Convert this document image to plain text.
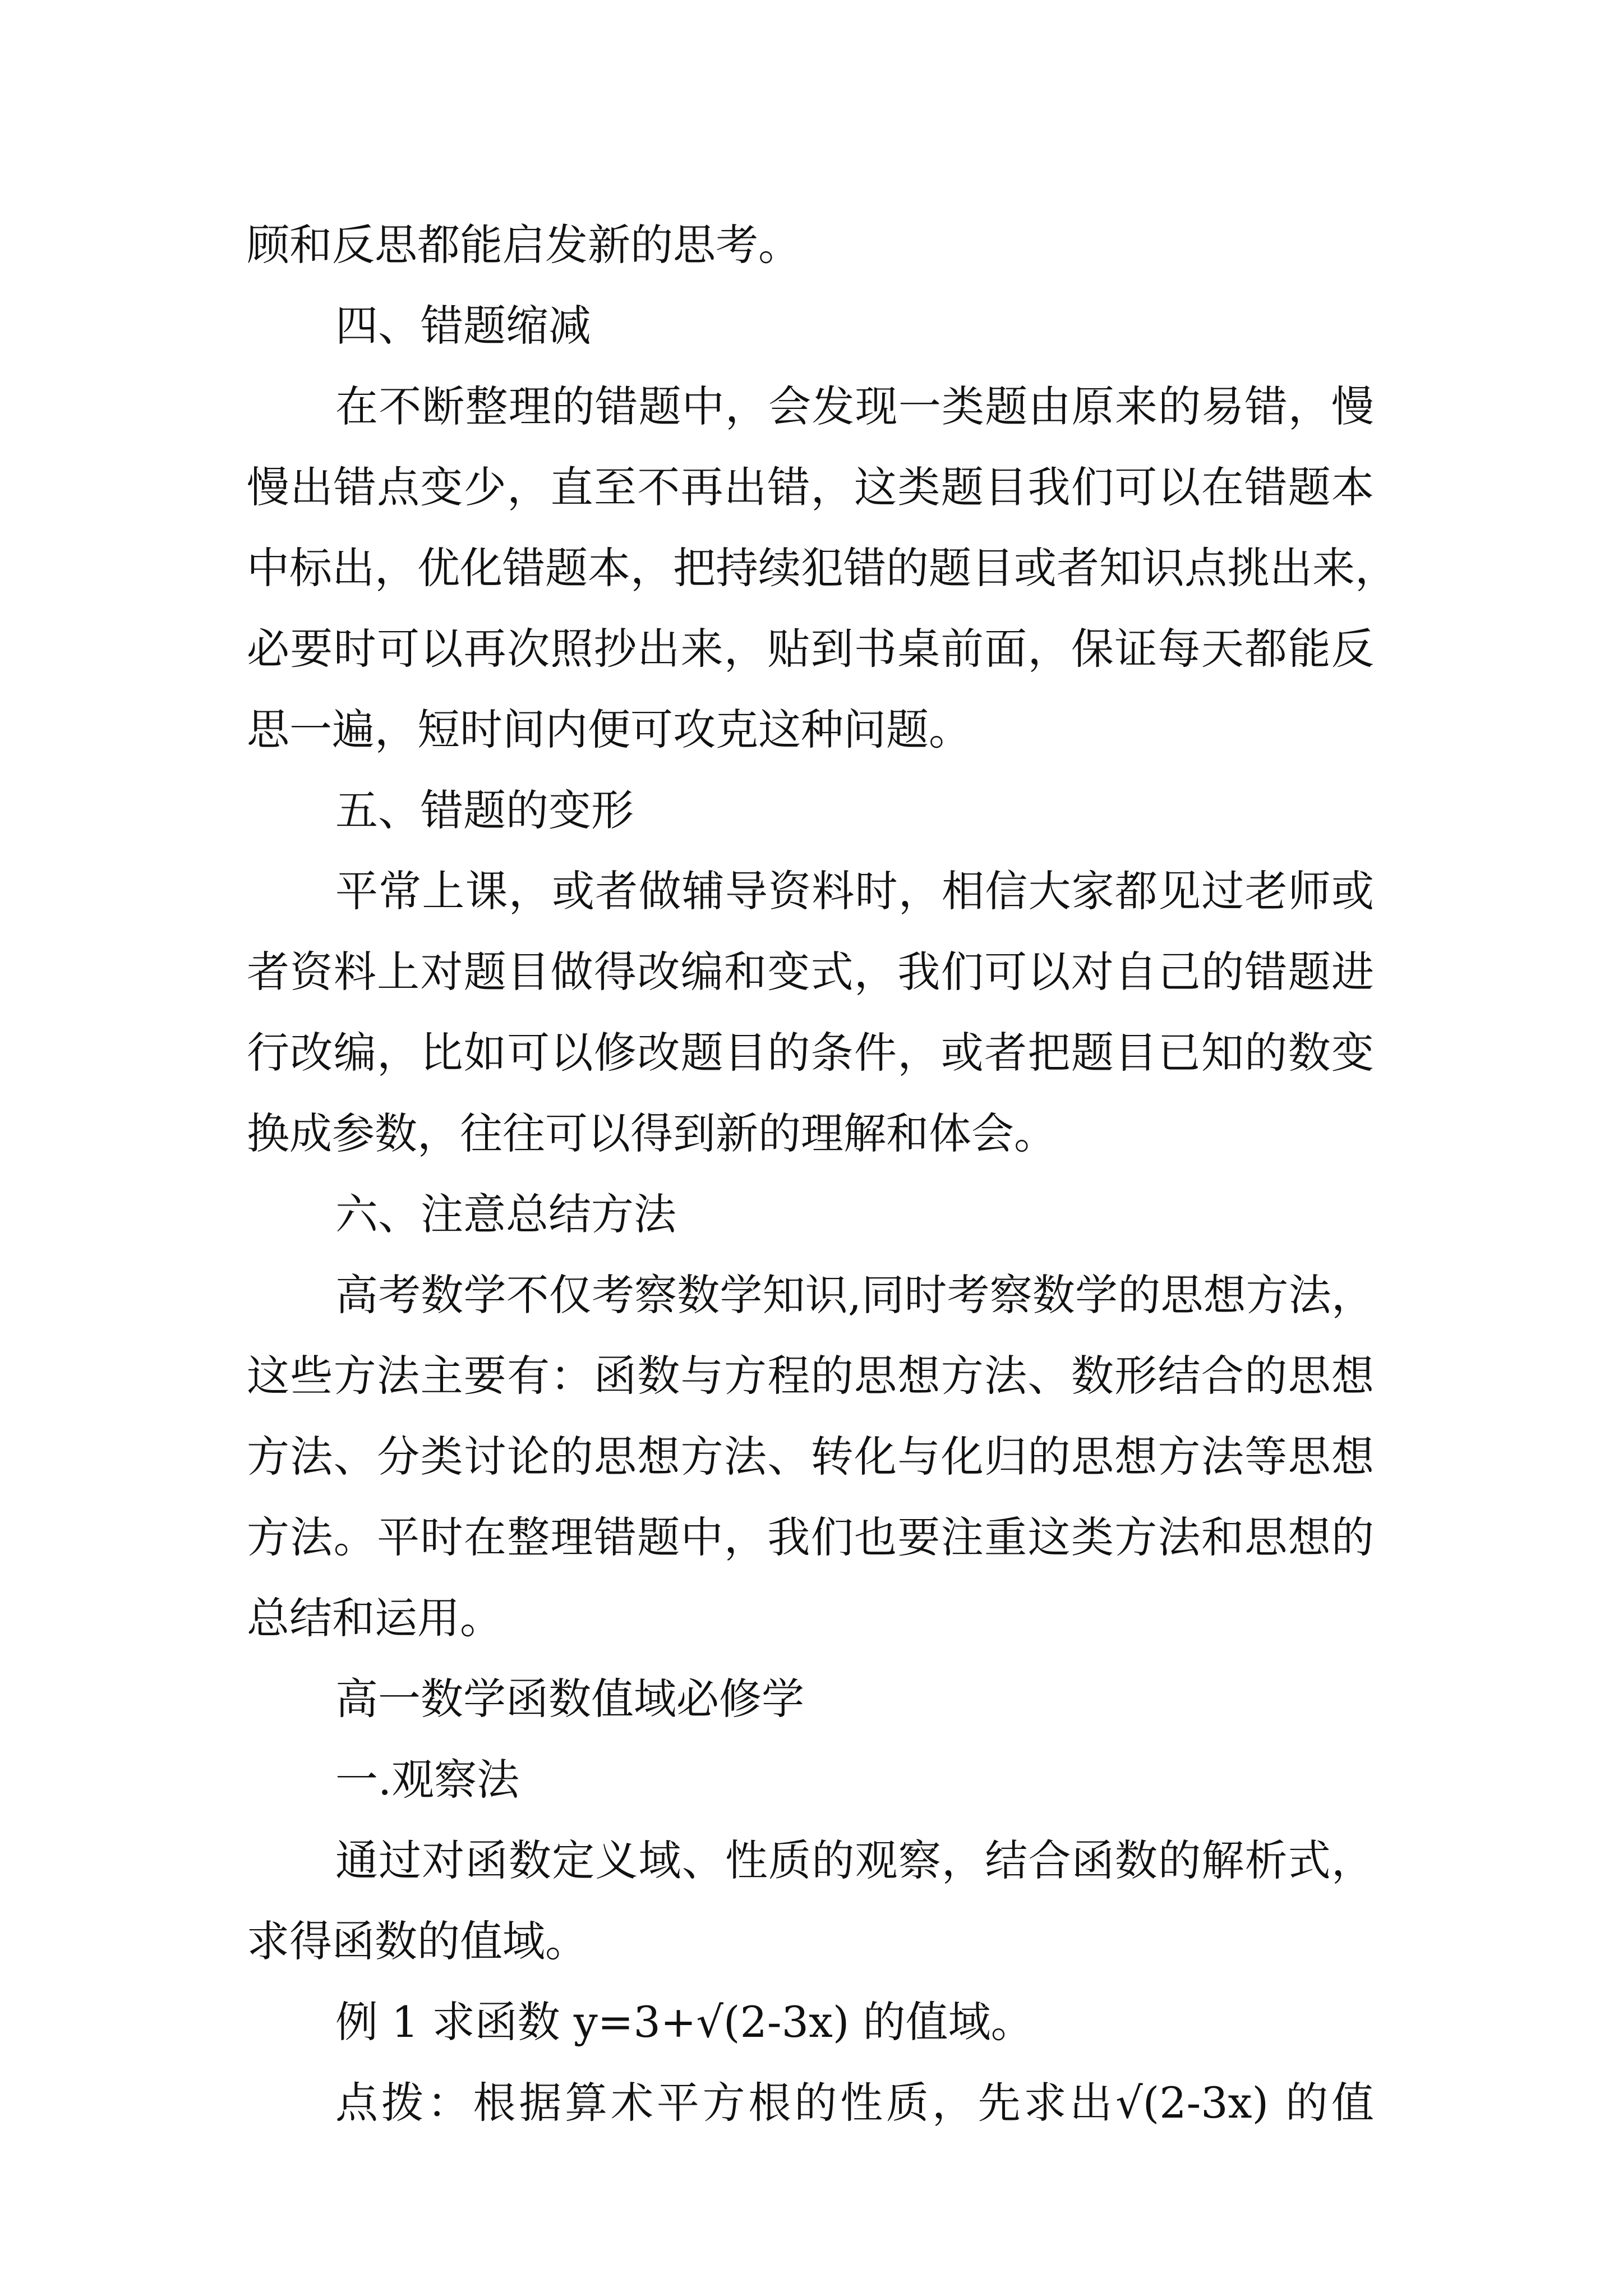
顾和反思都能启发新的思考。
四、错题缩减
在不断整理的错题中，会发现一类题由原来的易错，慢
慢出错点变少，直至不再出错，这类题目我们可以在错题本
中标出，优化错题本，把持续犯错的题目或者知识点挑出来，
必要时可以再次照抄出来，贴到书桌前面，保证每天都能反
思一遍，短时间内便可攻克这种问题。
五、错题的变形
平常上课，或者做辅导资料时，相信大家都见过老师或
者资料上对题目做得改编和变式，我们可以对自己的错题进
行改编，比如可以修改题目的条件，或者把题目已知的数变
换成参数，往往可以得到新的理解和体会。
六、注意总结方法
高考数学不仅考察数学知识,同时考察数学的思想方法，
这些方法主要有：函数与方程的思想方法、数形结合的思想
方法、分类讨论的思想方法、转化与化归的思想方法等思想
方法。平时在整理错题中，我们也要注重这类方法和思想的
总结和运用。
高一数学函数值域必修学
一.观察法
通过对函数定义域、性质的观察，结合函数的解析式，
求得函数的值域。
例 1 求函数 y=3+√(2-3x) 的值域。
点拨：根据算术平方根的性质，先求出√(2-3x) 的值
